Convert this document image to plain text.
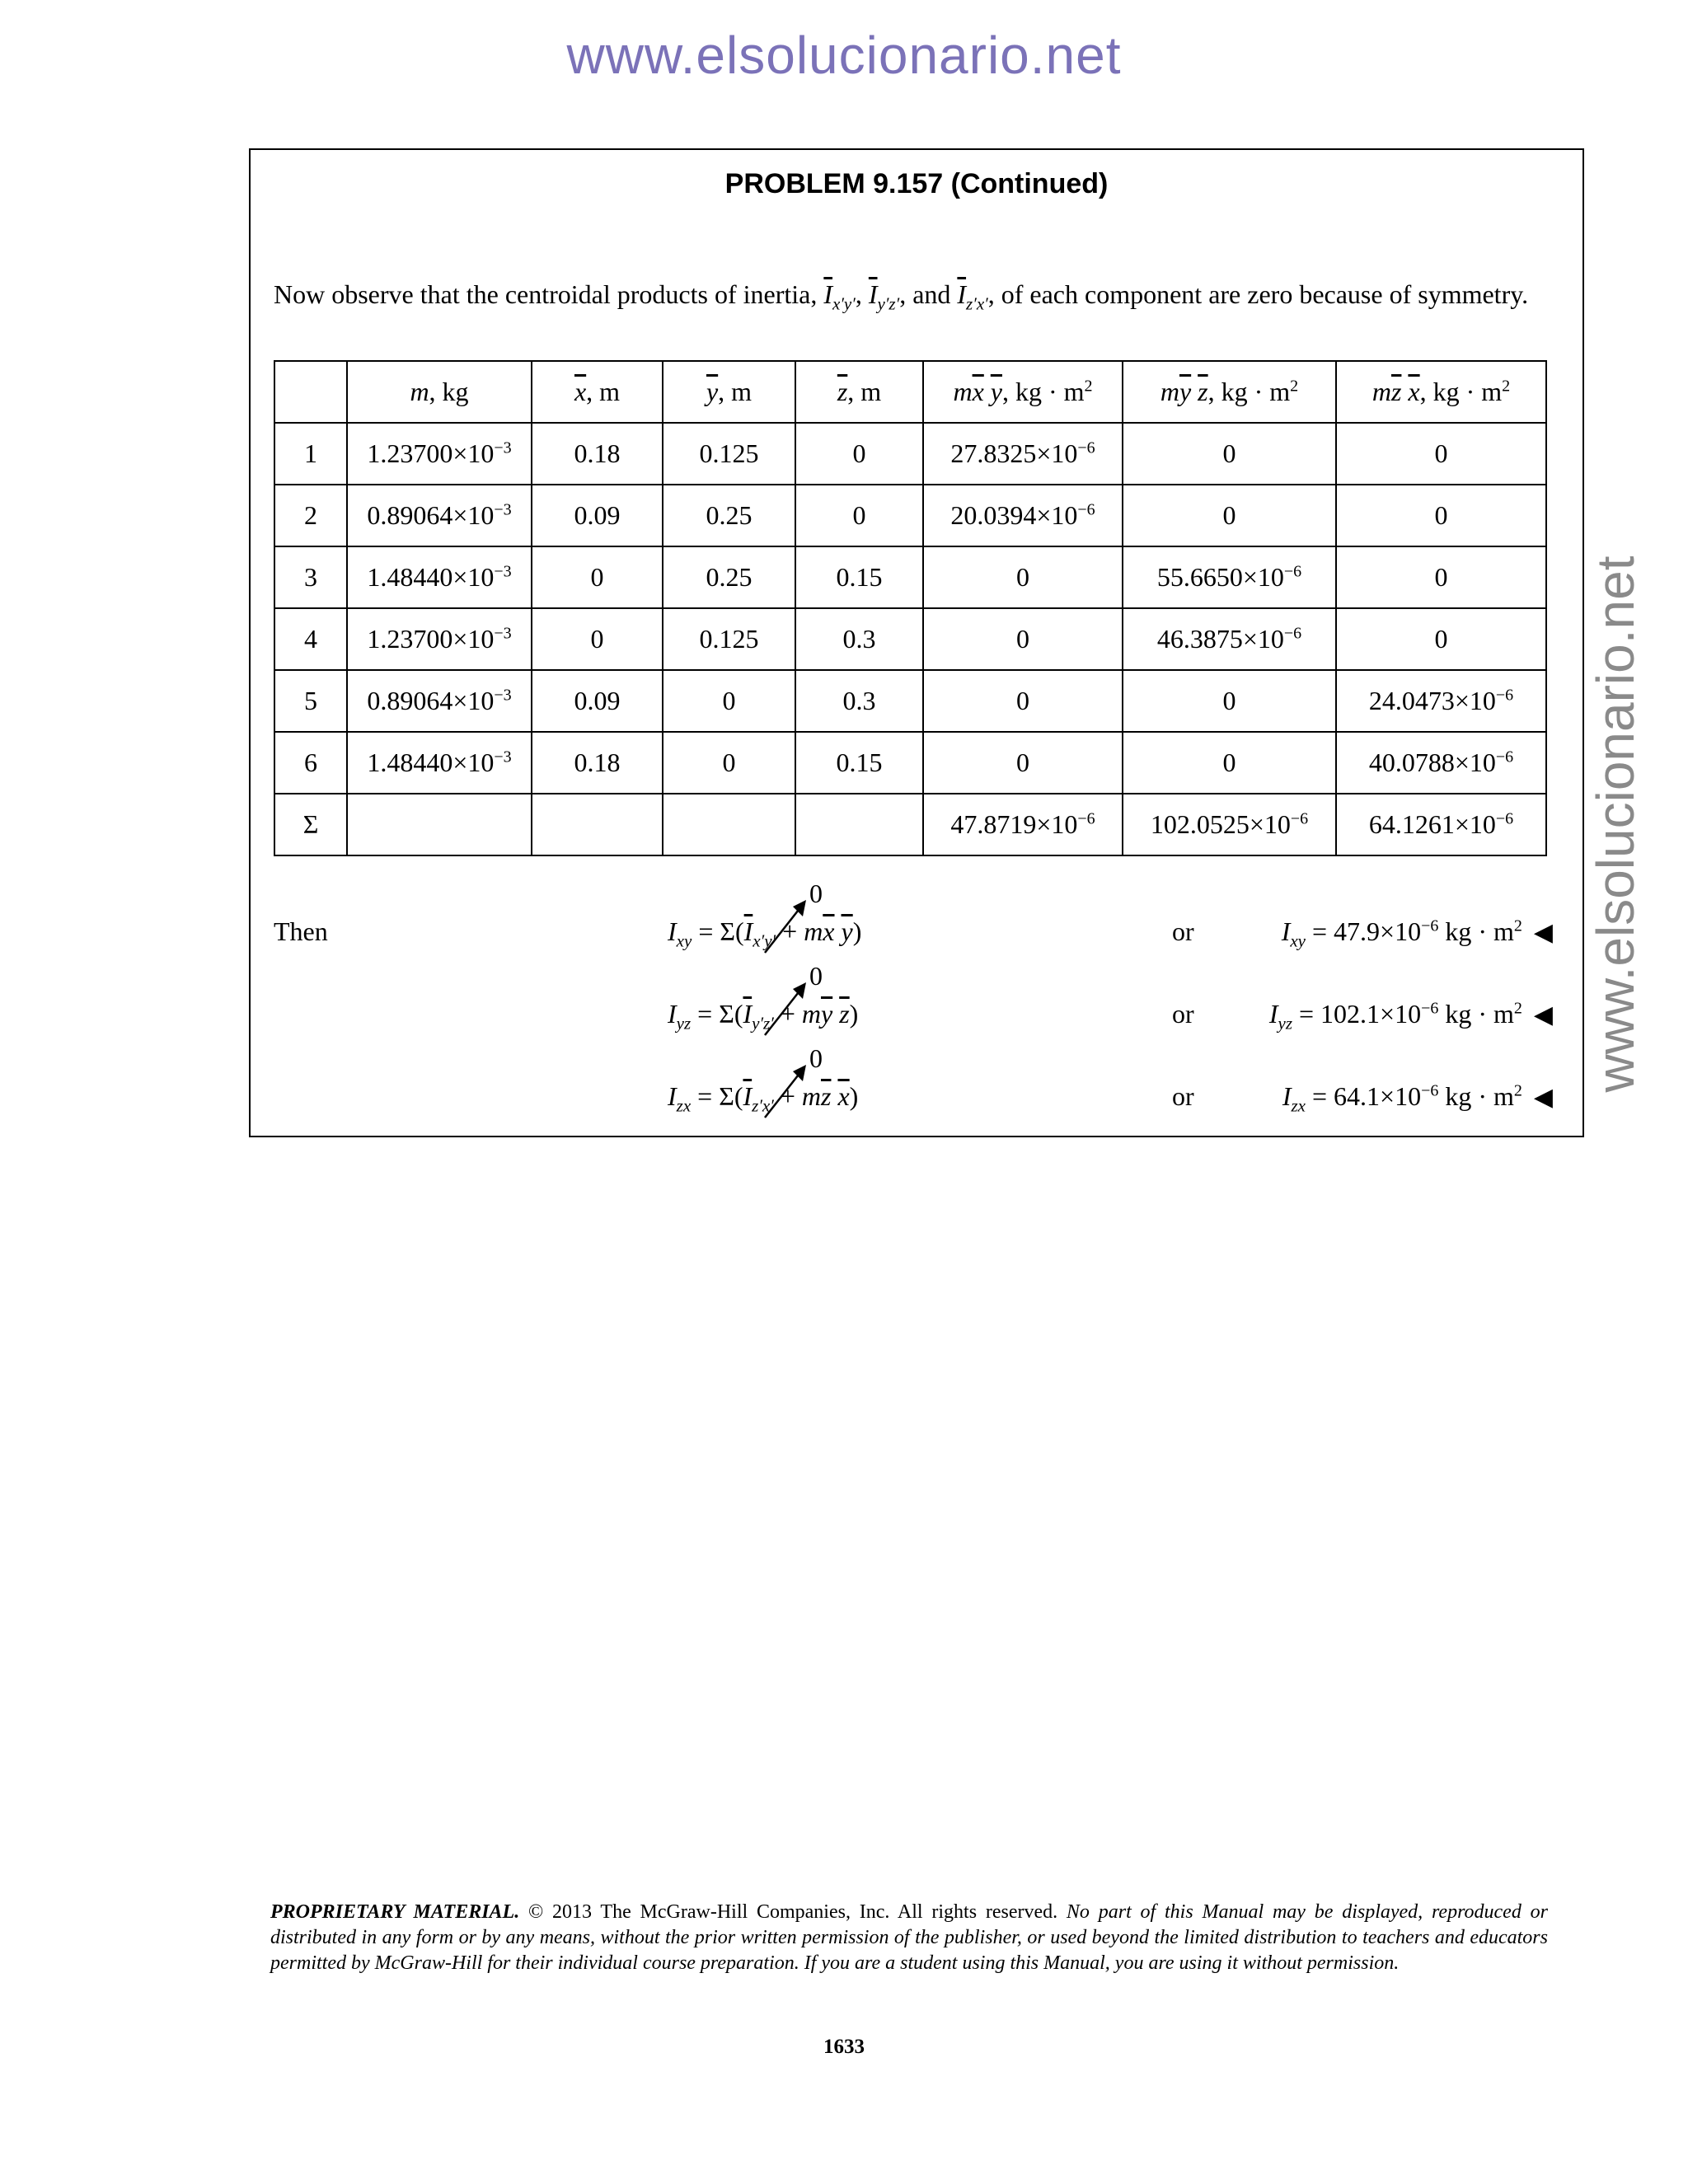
www.elsolucionario.net
www.elsolucionario.net
PROBLEM 9.157 (Continued)
Now observe that the centroidal products of inertia, $\overline{I}_{x'y'}$, $\overline{I}_{y'z'}$, and $\overline{I}_{z'x'}$, of each component are zero because of symmetry.
	m, kg	$\overline{x}$, m	$\overline{y}$, m	$\overline{z}$, m	$m\overline{x}$ $\overline{y}$, kg · $m^2$	$m\overline{y}$ $\overline{z}$, kg · $m^2$	$m\overline{z}$ $\overline{x}$, kg · $m^2$
1	$1.23700\times 10^{-3}$	0.18	0.125	0	$27.8325\times 10^{-6}$	0	0
2	$0.89064\times 10^{-3}$	0.09	0.25	0	$20.0394\times 10^{-6}$	0	0
3	$1.48440\times 10^{-3}$	0	0.25	0.15	0	$55.6650\times 10^{-6}$	0
4	$1.23700\times 10^{-3}$	0	0.125	0.3	0	$46.3875\times 10^{-6}$	0
5	$0.89064\times 10^{-3}$	0.09	0	0.3	0	0	$24.0473\times 10^{-6}$
6	$1.48440\times 10^{-3}$	0.18	0	0.15	0	0	$40.0788\times 10^{-6}$
Σ					$47.8719\times 10^{-6}$	$102.0525\times 10^{-6}$	$64.1261\times 10^{-6}$
Then
0
$I_{xy} = \Sigma(\overline{I}_{x'y'} + m\overline{x}$ $\overline{y}$)	or	$I_{xy} = 47.9\times 10^{-6}$ kg · $m^2$ ◀
0
$I_{yz} = \Sigma(\overline{I}_{y'z'} + m\overline{y}$ $\overline{z}$)	or	$I_{yz} = 102.1\times 10^{-6}$ kg · $m^2$ ◀
0
$I_{zx} = \Sigma(\overline{I}_{z'x'} + m\overline{z}$ $\overline{x}$)	or	$I_{zx} = 64.1\times 10^{-6}$ kg · $m^2$ ◀
PROPRIETARY MATERIAL. © 2013 The McGraw-Hill Companies, Inc. All rights reserved. No part of this Manual may be displayed, reproduced or distributed in any form or by any means, without the prior written permission of the publisher, or used beyond the limited distribution to teachers and educators permitted by McGraw-Hill for their individual course preparation. If you are a student using this Manual, you are using it without permission.
1633
